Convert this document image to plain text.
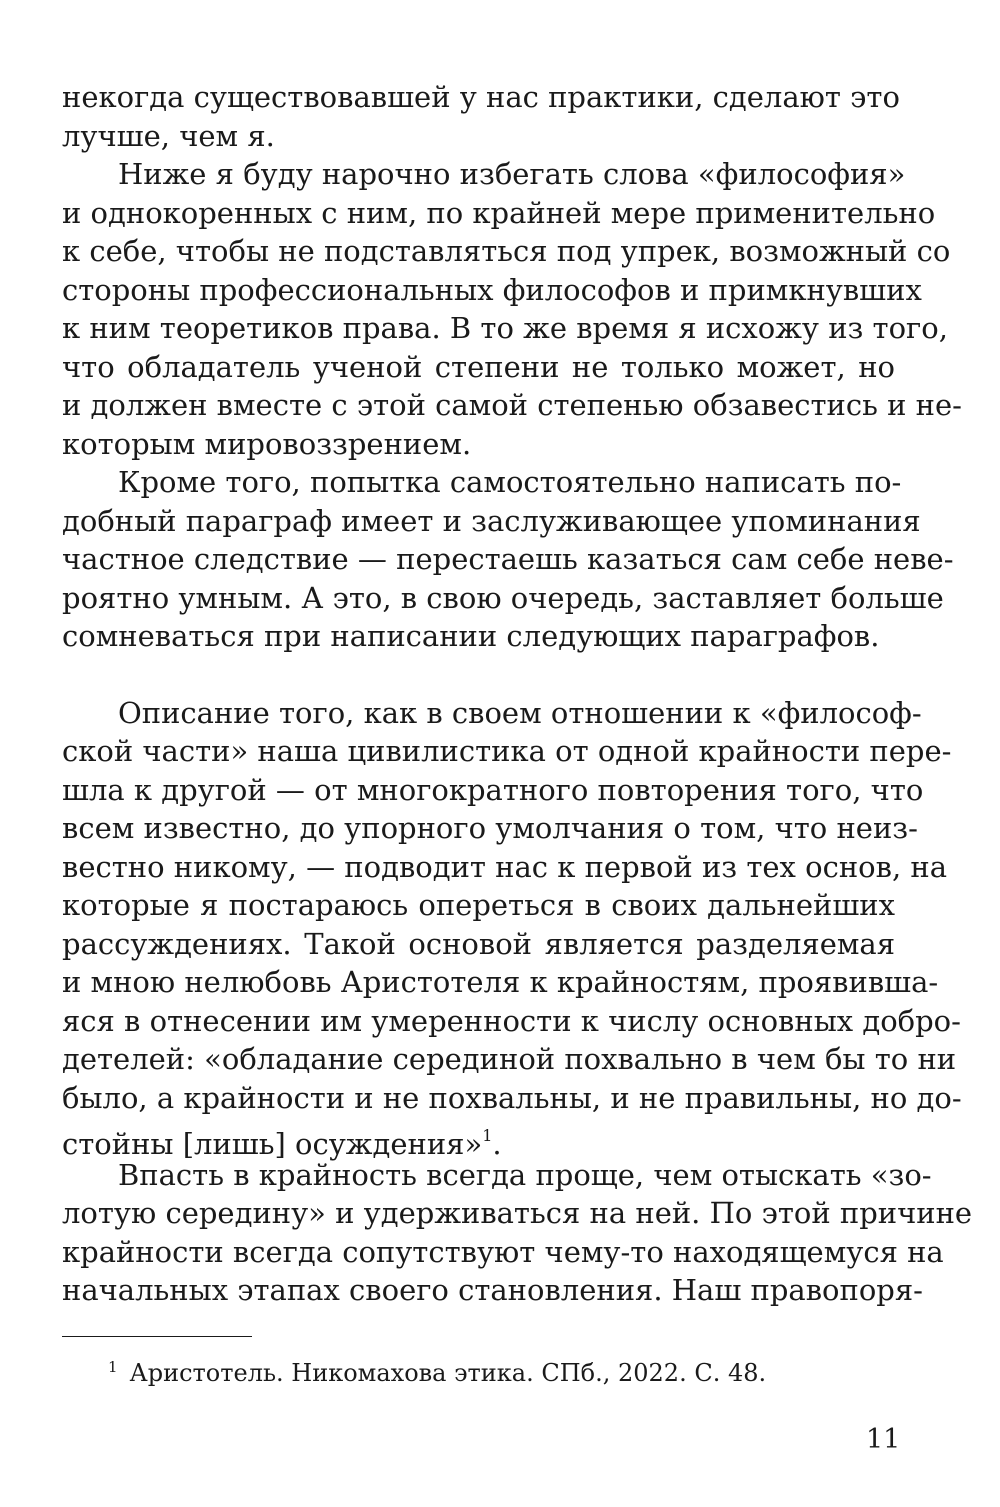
некогда существовавшей у нас практики, сделают это
лучше, чем я.
Ниже я буду нарочно избегать слова «философия»
и однокоренных с ним, по крайней мере применительно
к себе, чтобы не подставляться под упрек, возможный со
стороны профессиональных философов и примкнувших
к ним теоретиков права. В то же время я исхожу из того,
что обладатель ученой степени не только может, но
и должен вместе с этой самой степенью обзавестись и не-
которым мировоззрением.
Кроме того, попытка самостоятельно написать по-
добный параграф имеет и заслуживающее упоминания
частное следствие — перестаешь казаться сам себе неве-
роятно умным. А это, в свою очередь, заставляет больше
сомневаться при написании следующих параграфов.
Описание того, как в своем отношении к «философ-
ской части» наша цивилистика от одной крайности пере-
шла к другой — от многократного повторения того, что
всем известно, до упорного умолчания о том, что неиз-
вестно никому, — подводит нас к первой из тех основ, на
которые я постараюсь опереться в своих дальнейших
рассуждениях. Такой основой является разделяемая
и мною нелюбовь Аристотеля к крайностям, проявивша-
яся в отнесении им умеренности к числу основных добро-
детелей: «обладание серединой похвально в чем бы то ни
было, а крайности и не похвальны, и не правильны, но до-
стойны [лишь] осуждения»$^1$.
Впасть в крайность всегда проще, чем отыскать «зо-
лотую середину» и удерживаться на ней. По этой причине
крайности всегда сопутствуют чему-то находящемуся на
начальных этапах своего становления. Наш правопоря-
$^1$ Аристотель. Никомахова этика. СПб., 2022. С. 48.
11
